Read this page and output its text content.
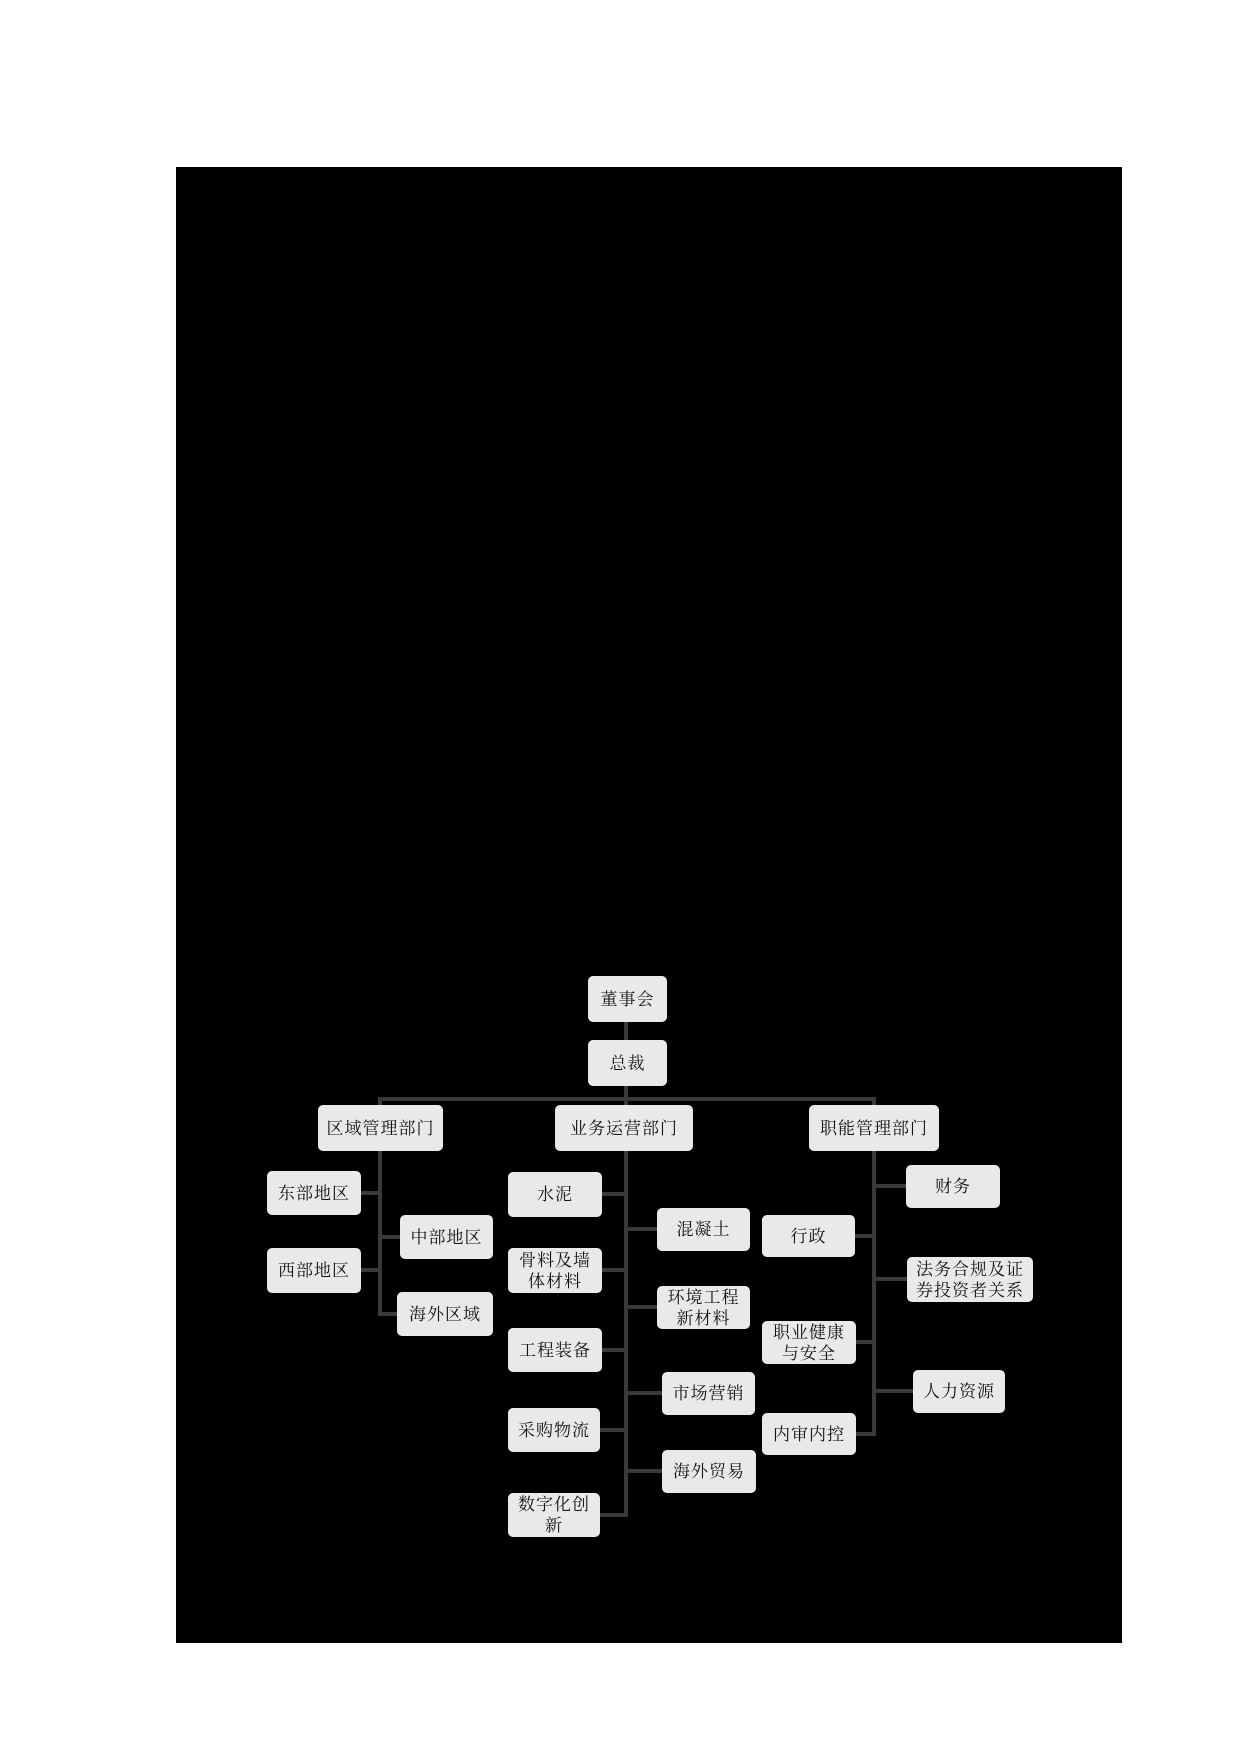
董事会
总裁
区域管理部门	业务运营部门	职能管理部门
东部地区
中部地区
西部地区
海外区域
水泥
混凝土
骨料及墙体材料
环境工程新材料
工程装备
市场营销
采购物流
海外贸易
数字化创新
财务
行政
法务合规及证券投资者关系
职业健康与安全
人力资源
内审内控
